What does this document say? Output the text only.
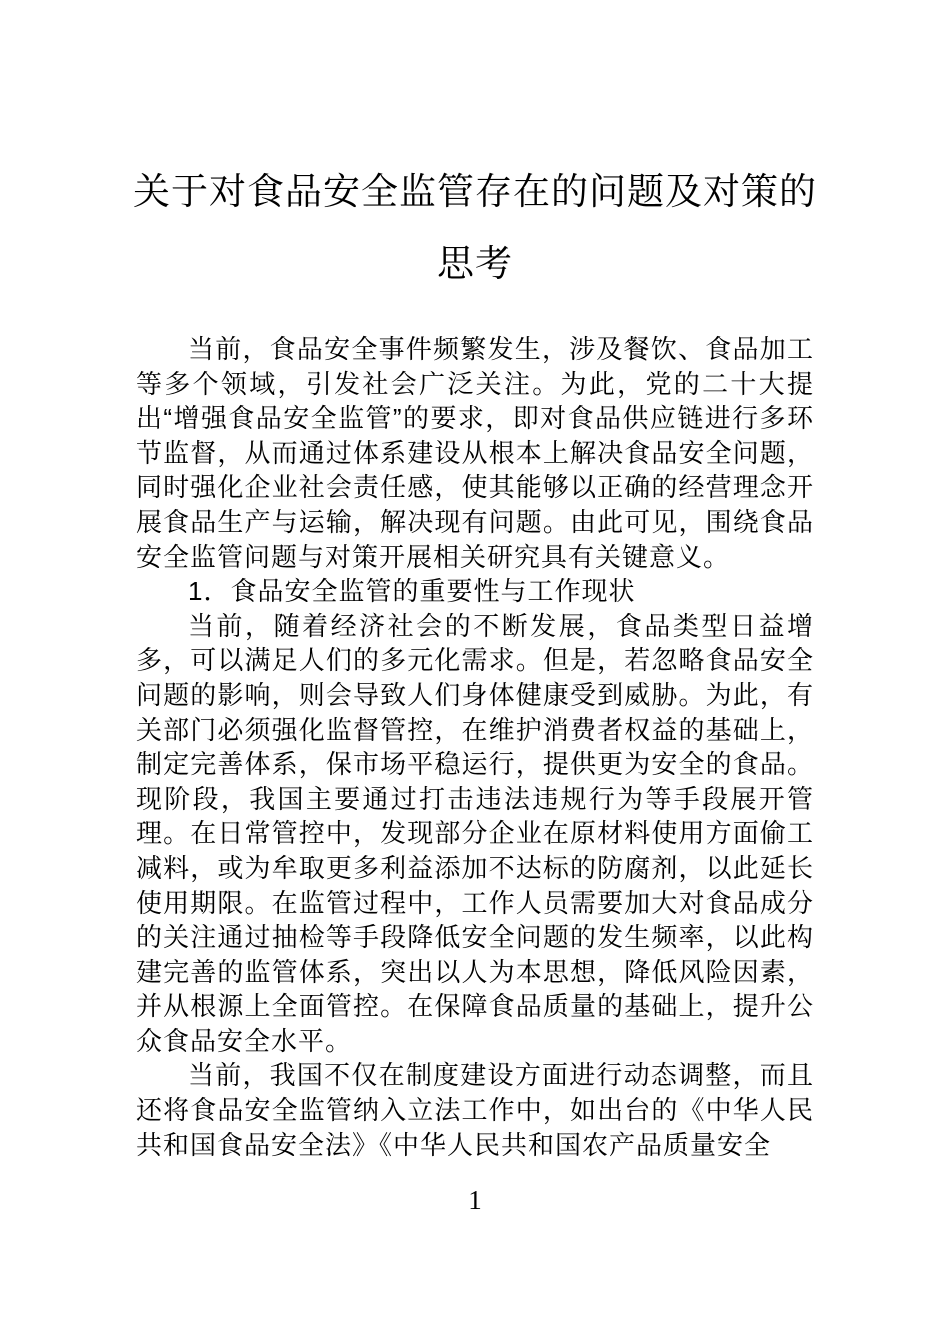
关于对食品安全监管存在的问题及对策的
思考

当前，食品安全事件频繁发生，涉及餐饮、食品加工等多个领域，引发社会广泛关注。为此，党的二十大提出“增强食品安全监管”的要求，即对食品供应链进行多环节监督，从而通过体系建设从根本上解决食品安全问题，同时强化企业社会责任感，使其能够以正确的经营理念开展食品生产与运输，解决现有问题。由此可见，围绕食品安全监管问题与对策开展相关研究具有关键意义。

1．食品安全监管的重要性与工作现状

当前，随着经济社会的不断发展，食品类型日益增多，可以满足人们的多元化需求。但是，若忽略食品安全问题的影响，则会导致人们身体健康受到威胁。为此，有关部门必须强化监督管控，在维护消费者权益的基础上，制定完善体系，保市场平稳运行，提供更为安全的食品。现阶段，我国主要通过打击违法违规行为等手段展开管理。在日常管控中，发现部分企业在原材料使用方面偷工减料，或为牟取更多利益添加不达标的防腐剂，以此延长使用期限。在监管过程中，工作人员需要加大对食品成分的关注通过抽检等手段降低安全问题的发生频率，以此构建完善的监管体系，突出以人为本思想，降低风险因素，并从根源上全面管控。在保障食品质量的基础上，提升公众食品安全水平。

当前，我国不仅在制度建设方面进行动态调整，而且还将食品安全监管纳入立法工作中，如出台的《中华人民共和国食品安全法》《中华人民共和国农产品质量安全

1
